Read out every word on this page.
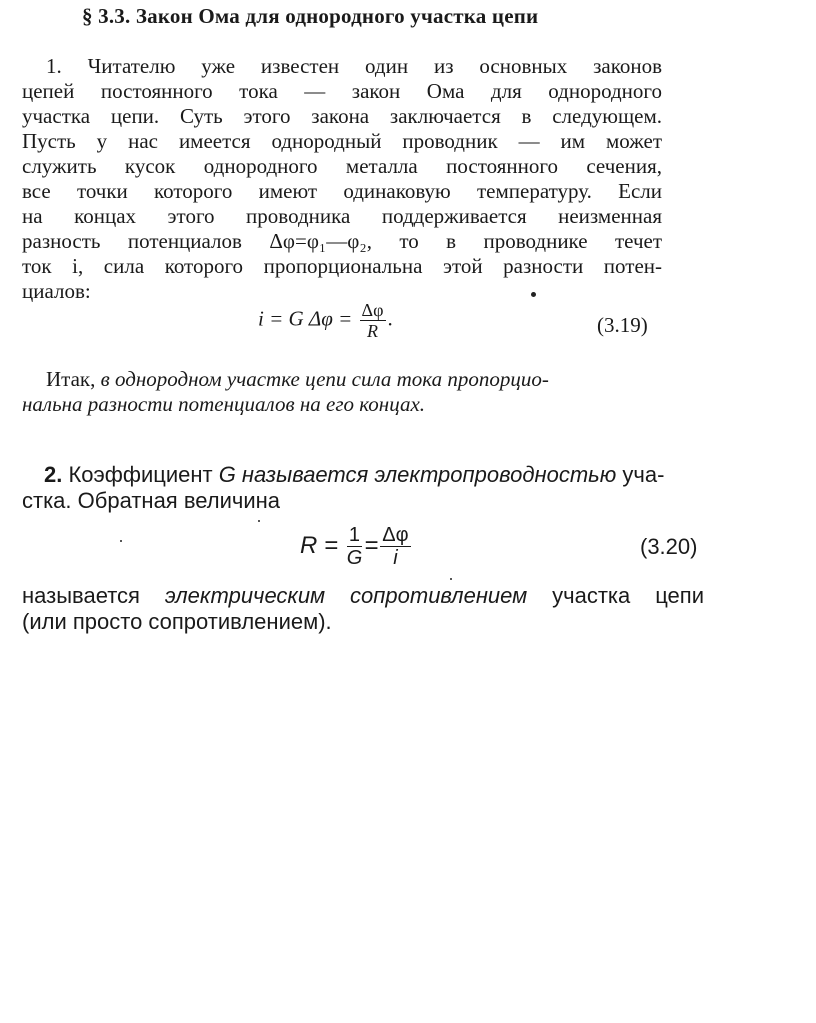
§ 3.3. Закон Ома для однородного участка цепи
1. Читателю уже известен один из основных законов
цепей постоянного тока — закон Ома для однородного
участка цепи. Суть этого закона заключается в следующем.
Пусть у нас имеется однородный проводник — им может
служить кусок однородного металла постоянного сечения,
все точки которого имеют одинаковую температуру. Если
на концах этого проводника поддерживается неизменная
разность потенциалов Δφ=φ₁—φ₂, то в проводнике течет
ток i, сила которого пропорциональна этой разности потен-
циалов:
i = G $\Delta\varphi = \frac{\Delta\varphi}{R}$ .	(3.19)
Итак, в однородном участке цепи сила тока пропорцио-
нальна разности потенциалов на его концах.
2. Коэффициент G называется электропроводностью уча-
стка. Обратная величина
$R = \frac{1}{G} = \frac{\Delta\varphi}{i}$	(3.20)
называется электрическим сопротивлением участка цепи
(или просто сопротивлением).
